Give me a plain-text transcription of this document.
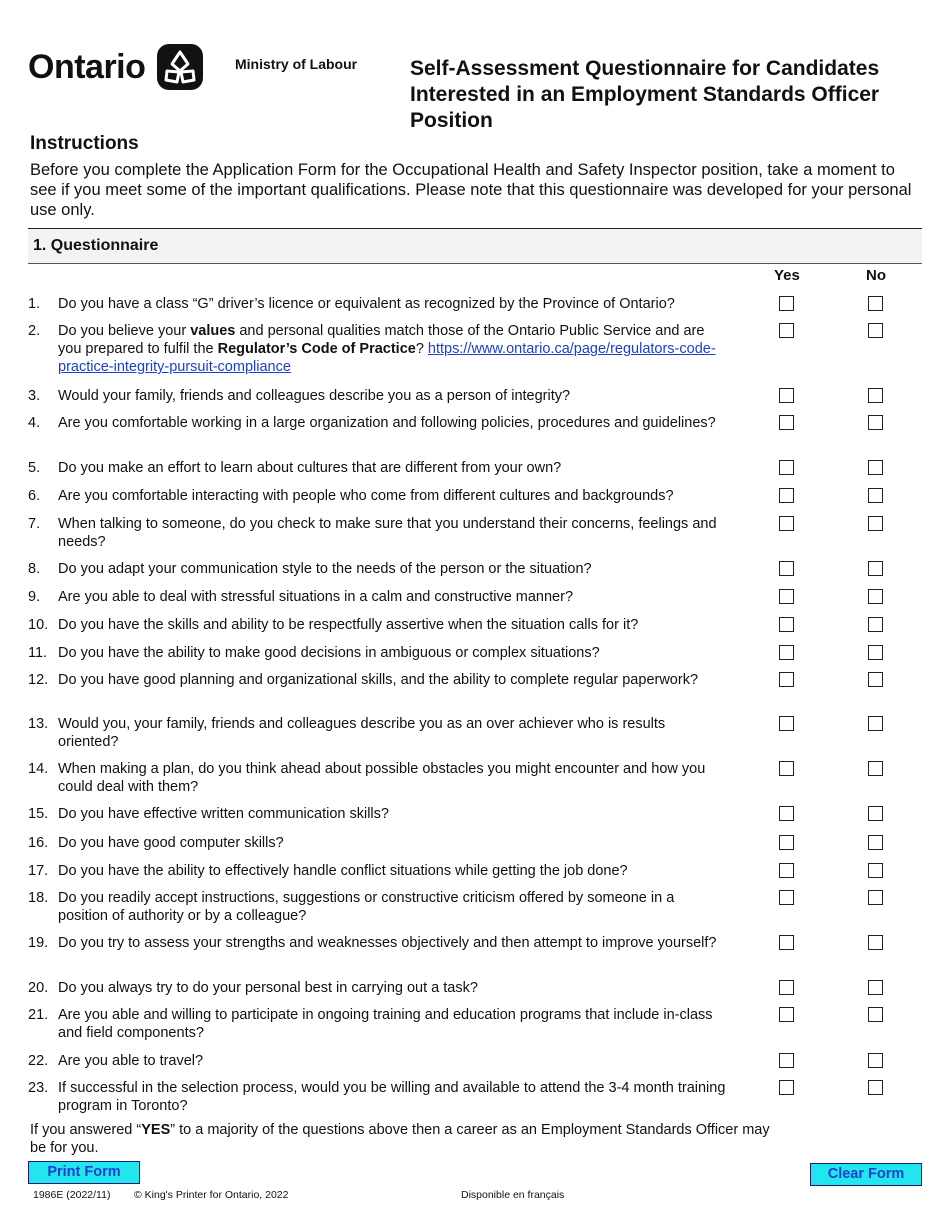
Ontario	Ministry of Labour	Self-Assessment Questionnaire for Candidates Interested in an Employment Standards Officer Position
Instructions
Before you complete the Application Form for the Occupational Health and Safety Inspector position, take a moment to see if you meet some of the important qualifications. Please note that this questionnaire was developed for your personal use only.
1. Questionnaire
Yes	No
1.	Do you have a class “G” driver’s licence or equivalent as recognized by the Province of Ontario?
2.	Do you believe your values and personal qualities match those of the Ontario Public Service and are you prepared to fulfil the Regulator’s Code of Practice? https://www.ontario.ca/page/regulators-code-practice-integrity-pursuit-compliance
3.	Would your family, friends and colleagues describe you as a person of integrity?
4.	Are you comfortable working in a large organization and following policies, procedures and guidelines?
5.	Do you make an effort to learn about cultures that are different from your own?
6.	Are you comfortable interacting with people who come from different cultures and backgrounds?
7.	When talking to someone, do you check to make sure that you understand their concerns, feelings and needs?
8.	Do you adapt your communication style to the needs of the person or the situation?
9.	Are you able to deal with stressful situations in a calm and constructive manner?
10. Do you have the skills and ability to be respectfully assertive when the situation calls for it?
11. Do you have the ability to make good decisions in ambiguous or complex situations?
12. Do you have good planning and organizational skills, and the ability to complete regular paperwork?
13. Would you, your family, friends and colleagues describe you as an over achiever who is results oriented?
14. When making a plan, do you think ahead about possible obstacles you might encounter and how you could deal with them?
15. Do you have effective written communication skills?
16. Do you have good computer skills?
17. Do you have the ability to effectively handle conflict situations while getting the job done?
18. Do you readily accept instructions, suggestions or constructive criticism offered by someone in a position of authority or by a colleague?
19. Do you try to assess your strengths and weaknesses objectively and then attempt to improve yourself?
20. Do you always try to do your personal best in carrying out a task?
21. Are you able and willing to participate in ongoing training and education programs that include in-class and field components?
22. Are you able to travel?
23. If successful in the selection process, would you be willing and available to attend the 3-4 month training program in Toronto?
If you answered “YES” to a majority of the questions above then a career as an Employment Standards Officer may be for you.
Print Form	Clear Form
1986E (2022/11) © King's Printer for Ontario, 2022	Disponible en français
